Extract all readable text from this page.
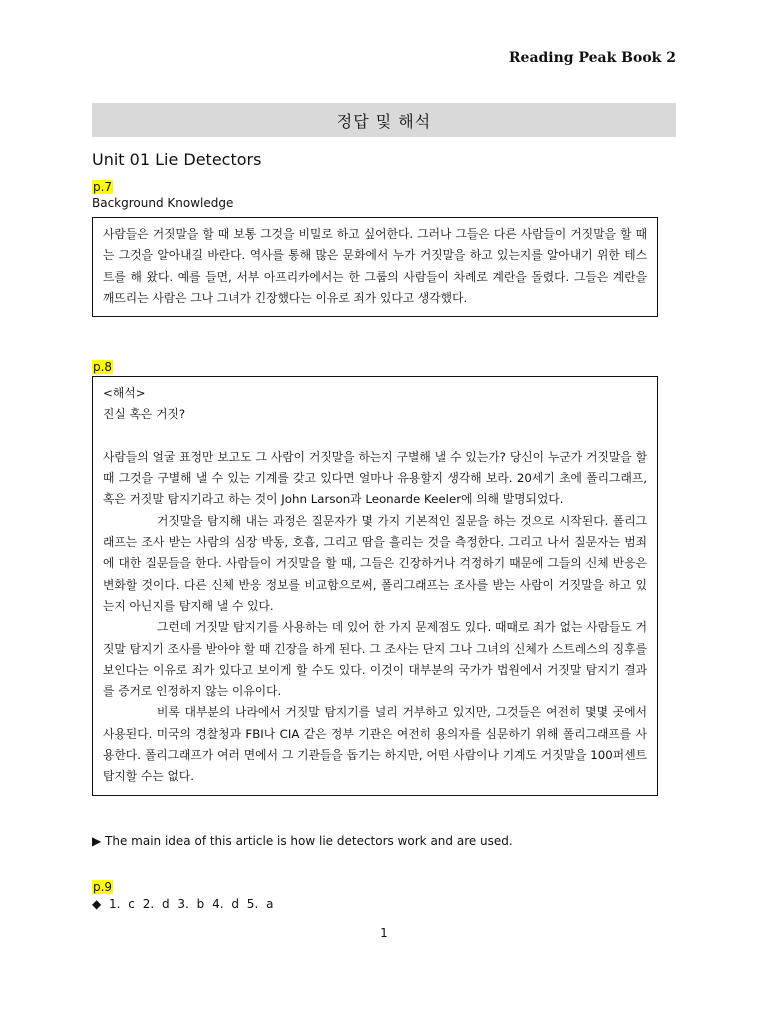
Reading Peak Book 2
정답 및 해석
Unit 01 Lie Detectors
p.7
Background Knowledge

사람들은 거짓말을 할 때 보통 그것을 비밀로 하고 싶어한다. 그러나 그들은 다른 사람들이 거짓말을 할 때는 그것을 알아내길 바란다. 역사를 통해 많은 문화에서 누가 거짓말을 하고 있는지를 알아내기 위한 테스트를 해 왔다. 예를 들면, 서부 아프리카에서는 한 그룹의 사람들이 차례로 계란을 돌렸다. 그들은 계란을 깨뜨리는 사람은 그나 그녀가 긴장했다는 이유로 죄가 있다고 생각했다.

p.8

<해석>

진실 혹은 거짓?

사람들의 얼굴 표정만 보고도 그 사람이 거짓말을 하는지 구별해 낼 수 있는가? 당신이 누군가 거짓말을 할 때 그것을 구별해 낼 수 있는 기계를 갖고 있다면 얼마나 유용할지 생각해 보라. 20세기 초에 폴리그래프, 혹은 거짓말 탐지기라고 하는 것이 John Larson과 Leonarde Keeler에 의해 발명되었다.

거짓말을 탐지해 내는 과정은 질문자가 몇 가지 기본적인 질문을 하는 것으로 시작된다. 폴리그래프는 조사 받는 사람의 심장 박동, 호흡, 그리고 땀을 흘리는 것을 측정한다. 그리고 나서 질문자는 범죄에 대한 질문들을 한다. 사람들이 거짓말을 할 때, 그들은 긴장하거나 걱정하기 때문에 그들의 신체 반응은 변화할 것이다. 다른 신체 반응 정보를 비교함으로써, 폴리그래프는 조사를 받는 사람이 거짓말을 하고 있는지 아닌지를 탐지해 낼 수 있다.

그런데 거짓말 탐지기를 사용하는 데 있어 한 가지 문제점도 있다. 때때로 죄가 없는 사람들도 거짓말 탐지기 조사를 받아야 할 때 긴장을 하게 된다. 그 조사는 단지 그나 그녀의 신체가 스트레스의 징후를 보인다는 이유로 죄가 있다고 보이게 할 수도 있다. 이것이 대부분의 국가가 법원에서 거짓말 탐지기 결과를 증거로 인정하지 않는 이유이다.

비록 대부분의 나라에서 거짓말 탐지기를 널리 거부하고 있지만, 그것들은 여전히 몇몇 곳에서 사용된다. 미국의 경찰청과 FBI나 CIA 같은 정부 기관은 여전히 용의자를 심문하기 위해 폴리그래프를 사용한다. 폴리그래프가 여러 면에서 그 기관들을 돕기는 하지만, 어떤 사람이나 기계도 거짓말을 100퍼센트 탐지할 수는 없다.

▶ The main idea of this article is how lie detectors work and are used.
p.9
◆ 1. c 2. d 3. b 4. d 5. a
1
